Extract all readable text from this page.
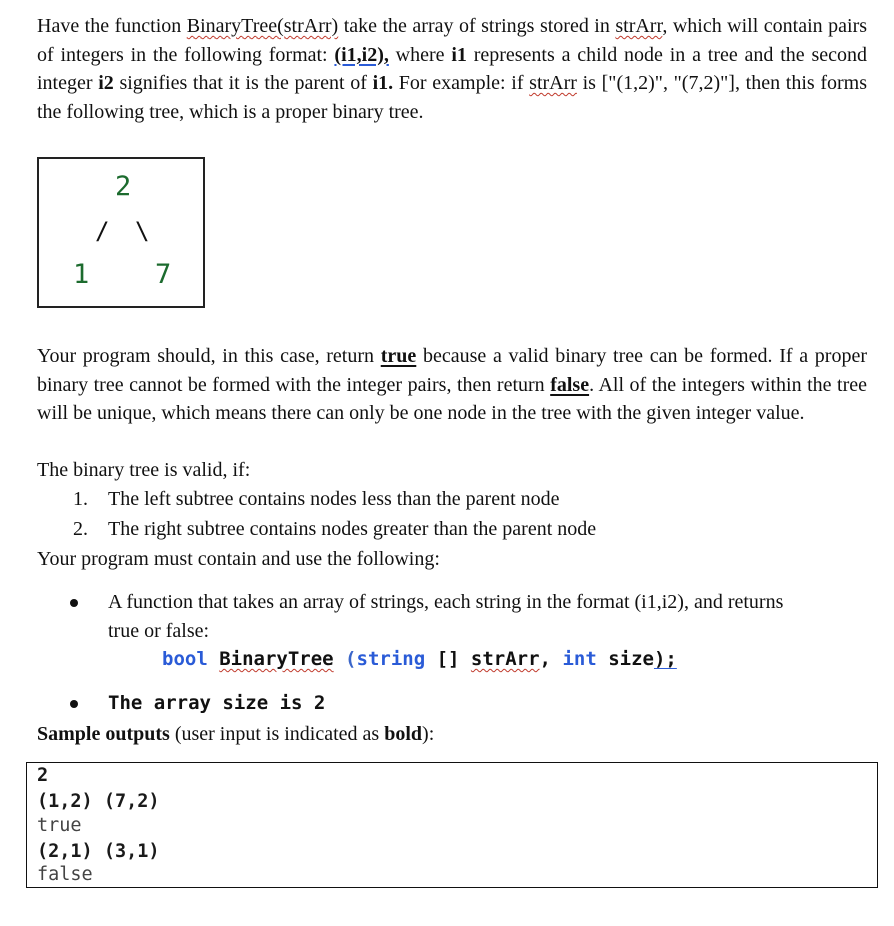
Have the function BinaryTree(strArr) take the array of strings stored in strArr, which will contain pairs of integers in the following format: (i1,i2), where i1 represents a child node in a tree and the second integer i2 signifies that it is the parent of i1. For example: if strArr is ["(1,2)", "(7,2)"], then this forms the following tree, which is a proper binary tree.

2
/ \
1 7

Your program should, in this case, return true because a valid binary tree can be formed. If a proper binary tree cannot be formed with the integer pairs, then return false. All of the integers within the tree will be unique, which means there can only be one node in the tree with the given integer value.

The binary tree is valid, if:
1. The left subtree contains nodes less than the parent node
2. The right subtree contains nodes greater than the parent node
Your program must contain and use the following:
A function that takes an array of strings, each string in the format (i1,i2), and returns
true or false:
bool BinaryTree (string [] strArr, int size);
The array size is 2
Sample outputs (user input is indicated as bold):
2
(1,2) (7,2)
true
(2,1) (3,1)
false
